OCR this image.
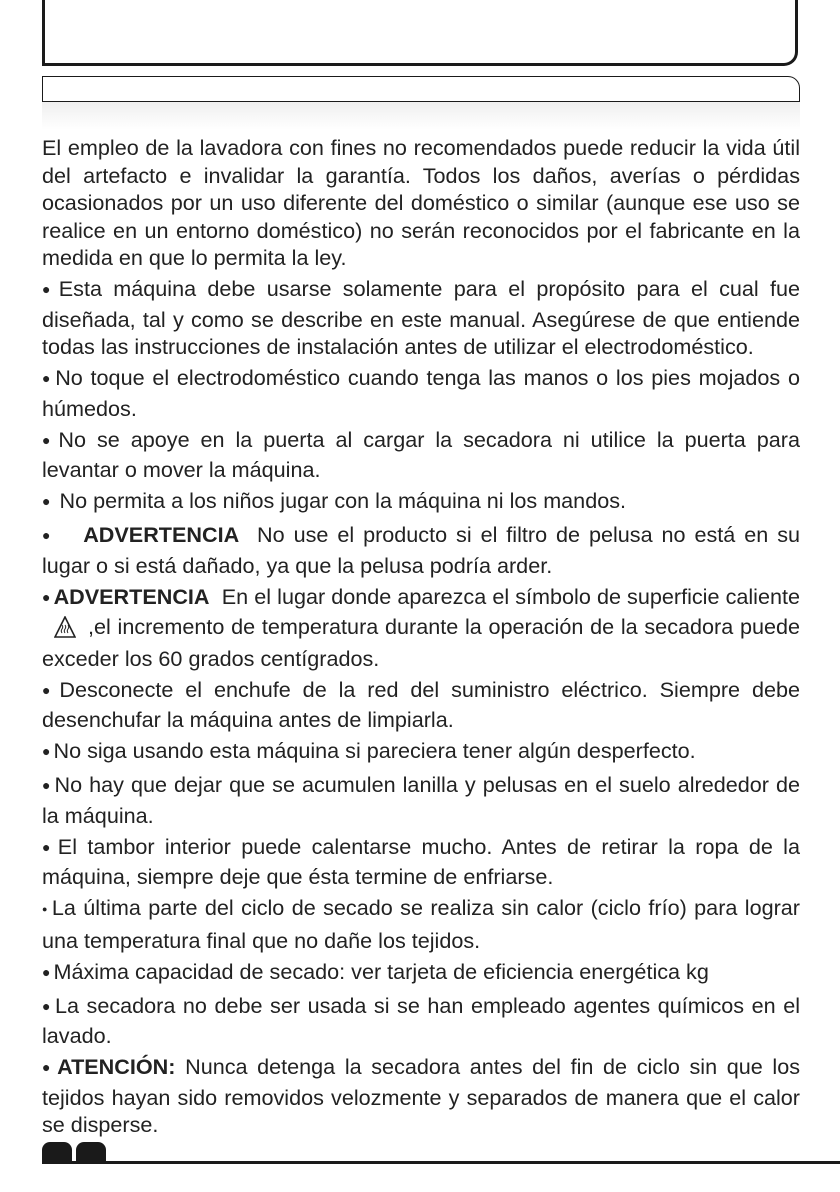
El empleo de la lavadora con fines no recomendados puede reducir la vida útil del artefacto e invalidar la garantía. Todos los daños, averías o pérdidas ocasionados por un uso diferente del doméstico o similar (aunque ese uso se realice en un entorno doméstico) no serán reconocidos por el fabricante en la medida en que lo permita la ley.

● Esta máquina debe usarse solamente para el propósito para el cual fue diseñada, tal y como se describe en este manual. Asegúrese de que entiende todas las instrucciones de instalación antes de utilizar el electrodoméstico.

● No toque el electrodoméstico cuando tenga las manos o los pies mojados o húmedos.

● No se apoye en la puerta al cargar la secadora ni utilice la puerta para levantar o mover la máquina.

● No permita a los niños jugar con la máquina ni los mandos.

● ADVERTENCIA No use el producto si el filtro de pelusa no está en su lugar o si está dañado, ya que la pelusa podría arder.

● ADVERTENCIA En el lugar donde aparezca el símbolo de superficie caliente,el incremento de temperatura durante la operación de la secadora puede exceder los 60 grados centígrados.

● Desconecte el enchufe de la red del suministro eléctrico. Siempre debe desenchufar la máquina antes de limpiarla.

● No siga usando esta máquina si pareciera tener algún desperfecto.

● No hay que dejar que se acumulen lanilla y pelusas en el suelo alrededor de la máquina.

● El tambor interior puede calentarse mucho. Antes de retirar la ropa de la máquina, siempre deje que ésta termine de enfriarse.

● La última parte del ciclo de secado se realiza sin calor (ciclo frío) para lograr una temperatura final que no dañe los tejidos.

● Máxima capacidad de secado: ver tarjeta de eficiencia energética kg

● La secadora no debe ser usada si se han empleado agentes químicos en el lavado.

● ATENCIÓN: Nunca detenga la secadora antes del fin de ciclo sin que los tejidos hayan sido removidos velozmente y separados de manera que el calor se disperse.
